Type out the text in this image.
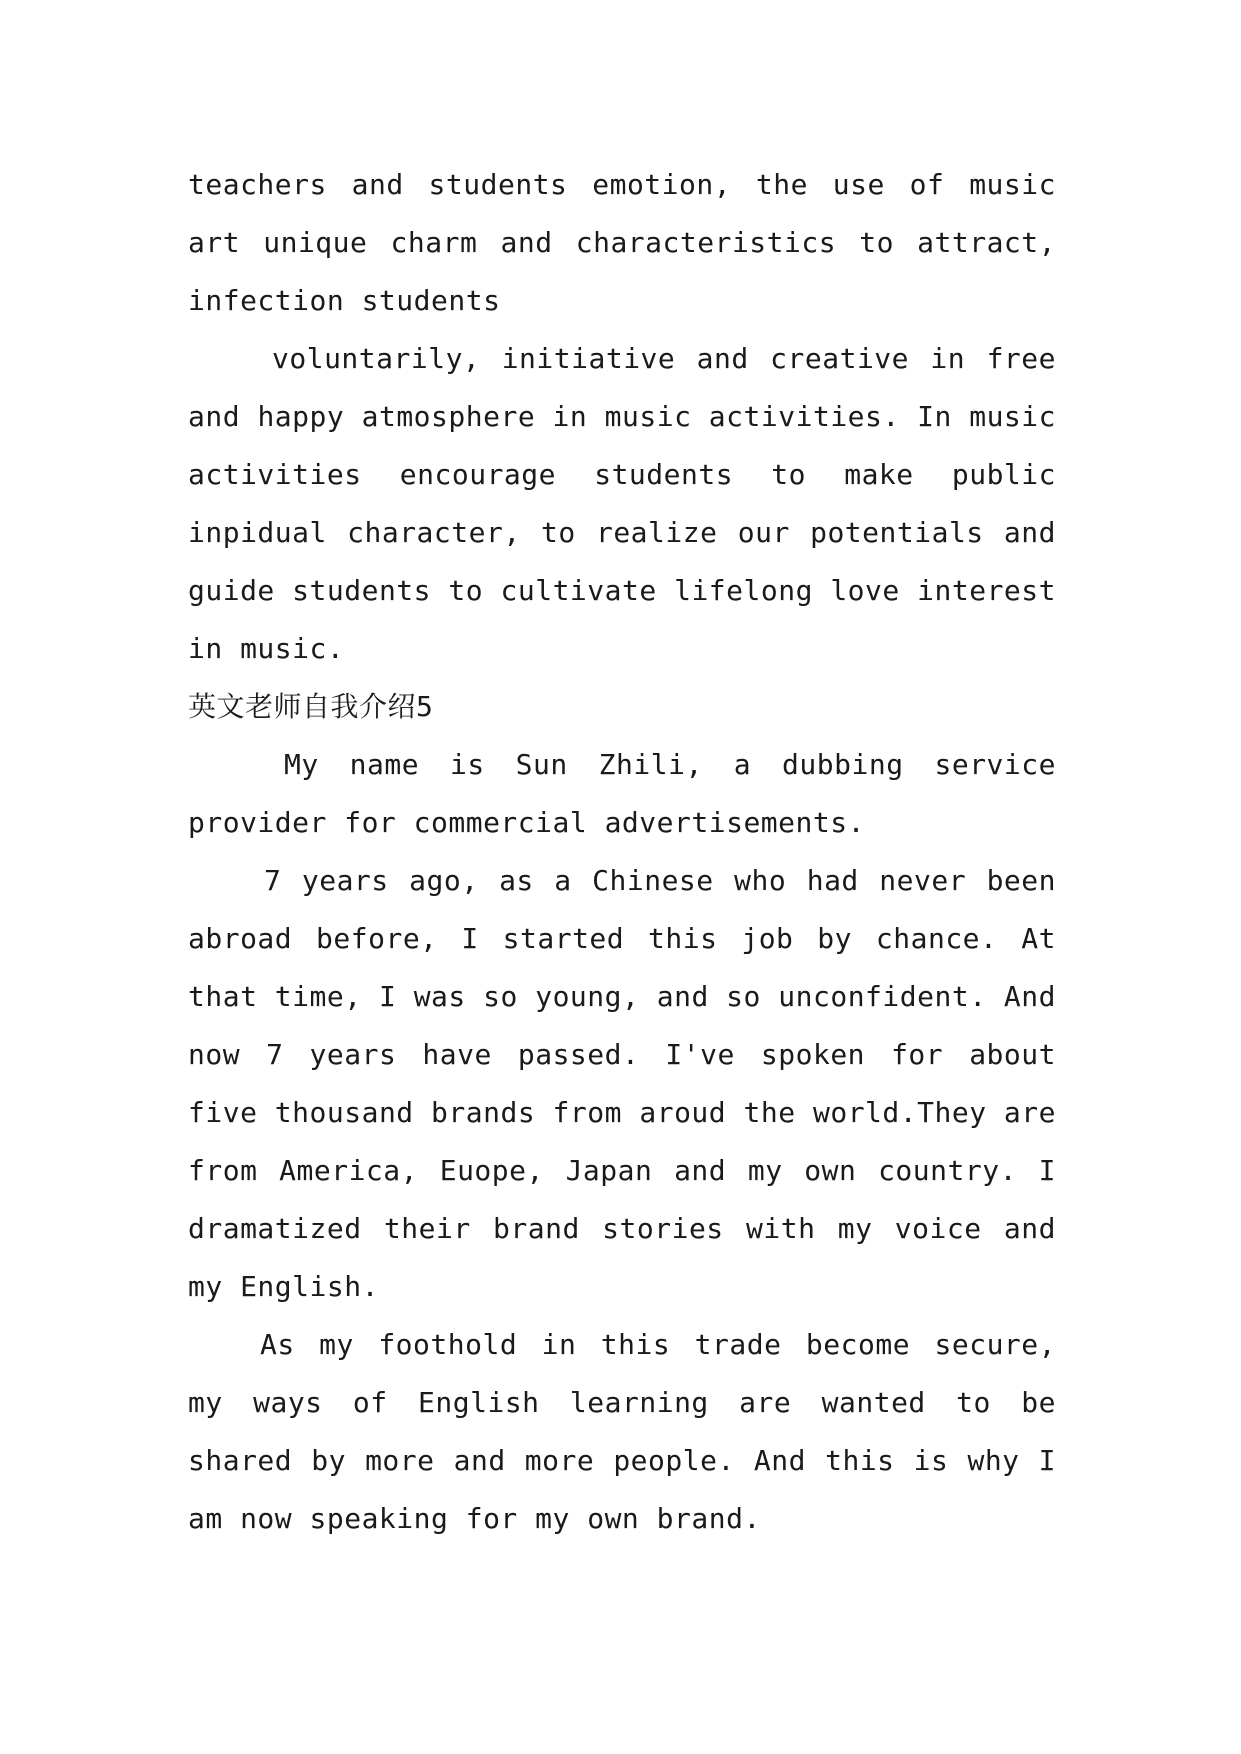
teachers and students emotion, the use of music art unique charm and characteristics to attract, infection students

voluntarily, initiative and creative in free and happy atmosphere in music activities. In music activities encourage students to make public inpidual character, to realize our potentials and guide students to cultivate lifelong love interest in music.

英文老师自我介绍5

My name is Sun Zhili, a dubbing service provider for commercial advertisements.

7 years ago, as a Chinese who had never been abroad before, I started this job by chance. At that time, I was so young, and so unconfident. And now 7 years have passed. I've spoken for about five thousand brands from aroud the world.They are from America, Euope, Japan and my own country. I dramatized their brand stories with my voice and my English.

As my foothold in this trade become secure, my ways of English learning are wanted to be shared by more and more people. And this is why I am now speaking for my own brand.
